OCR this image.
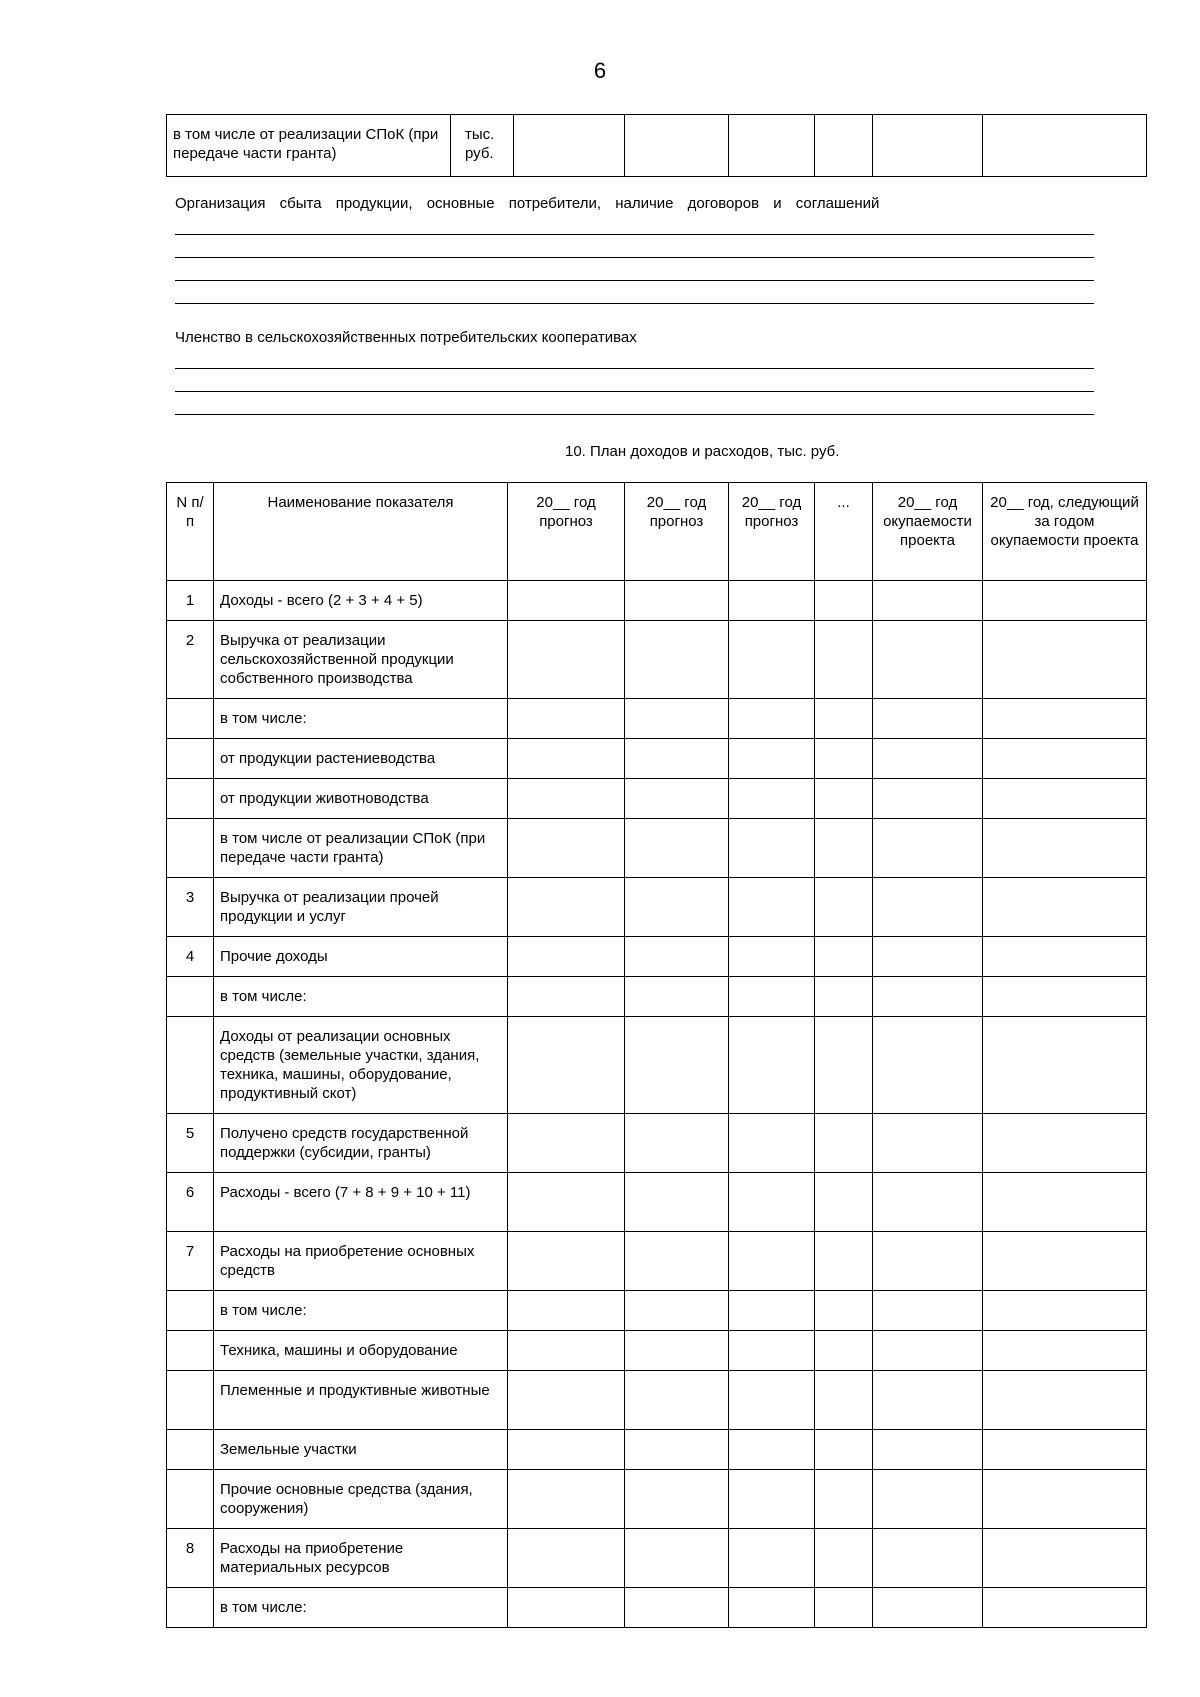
6
в том числе от реализации СПоК (при передаче части гранта)	тыс. руб.						
Организация сбыта продукции, основные потребители, наличие договоров и соглашений
Членство в сельскохозяйственных потребительских кооперативах
10. План доходов и расходов, тыс. руб.
N п/п	Наименование показателя	20__ год прогноз	20__ год прогноз	20__ год прогноз	...	20__ год окупаемости проекта	20__ год, следующий за годом окупаемости проекта
1	Доходы - всего (2 + 3 + 4 + 5)						
2	Выручка от реализации сельскохозяйственной продукции собственного производства						
	в том числе:						
	от продукции растениеводства						
	от продукции животноводства						
	в том числе от реализации СПоК (при передаче части гранта)						
3	Выручка от реализации прочей продукции и услуг						
4	Прочие доходы						
	в том числе:						
	Доходы от реализации основных средств (земельные участки, здания, техника, машины, оборудование, продуктивный скот)						
5	Получено средств государственной поддержки (субсидии, гранты)						
6	Расходы - всего (7 + 8 + 9 + 10 + 11)						
7	Расходы на приобретение основных средств						
	в том числе:						
	Техника, машины и оборудование						
	Племенные и продуктивные животные						
	Земельные участки						
	Прочие основные средства (здания, сооружения)						
8	Расходы на приобретение материальных ресурсов						
	в том числе:						
